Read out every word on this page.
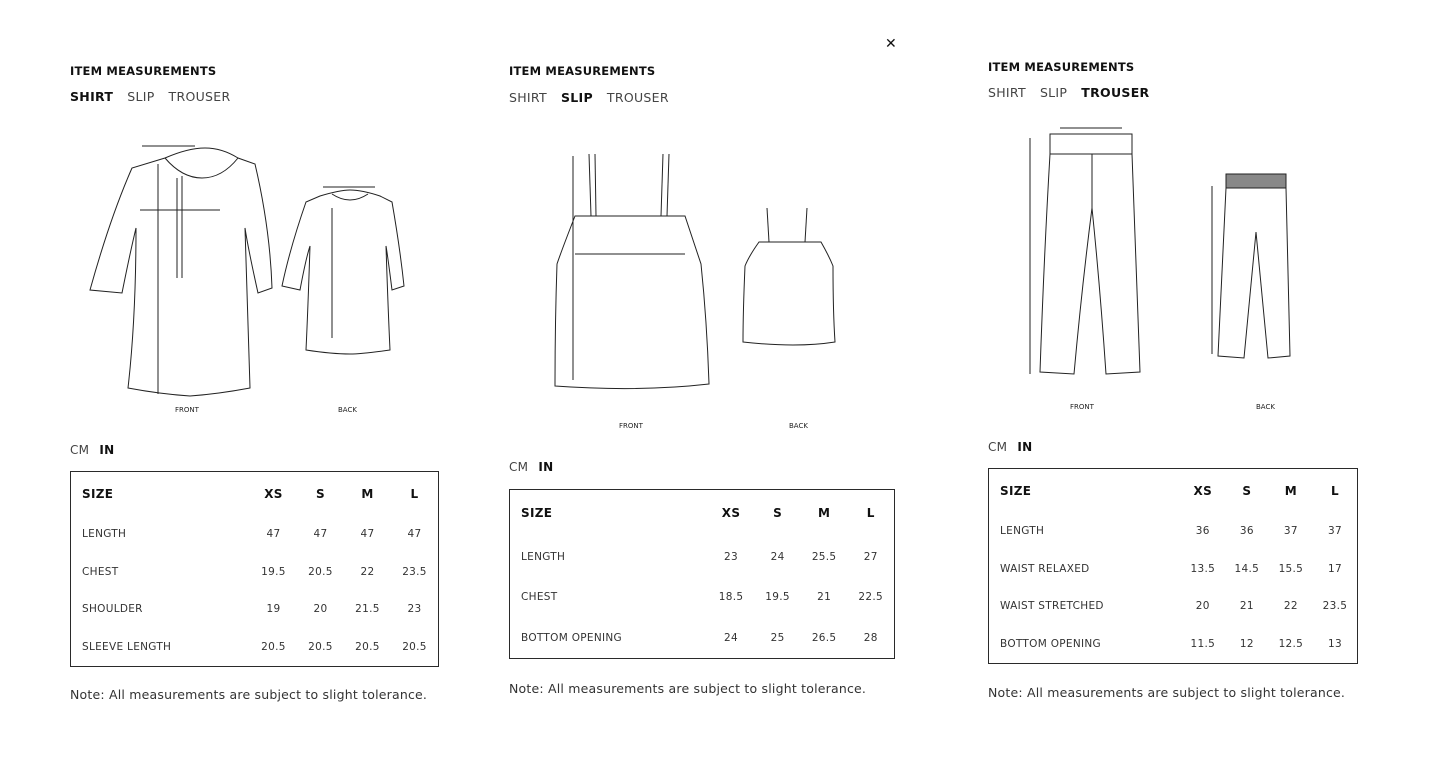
✕
ITEM MEASUREMENTS
SHIRT SLIP TROUSER
FRONT	BACK
CM IN
SIZE	XS	S	M	L
LENGTH	47	47	47	47
CHEST	19.5	20.5	22	23.5
SHOULDER	19	20	21.5	23
SLEEVE LENGTH	20.5	20.5	20.5	20.5
Note: All measurements are subject to slight tolerance.
ITEM MEASUREMENTS
SHIRT SLIP TROUSER
FRONT	BACK
CM IN
SIZE	XS	S	M	L
LENGTH	23	24	25.5	27
CHEST	18.5	19.5	21	22.5
BOTTOM OPENING	24	25	26.5	28
Note: All measurements are subject to slight tolerance.
ITEM MEASUREMENTS
SHIRT SLIP TROUSER
FRONT	BACK
CM IN
SIZE	XS	S	M	L
LENGTH	36	36	37	37
WAIST RELAXED	13.5	14.5	15.5	17
WAIST STRETCHED	20	21	22	23.5
BOTTOM OPENING	11.5	12	12.5	13
Note: All measurements are subject to slight tolerance.
